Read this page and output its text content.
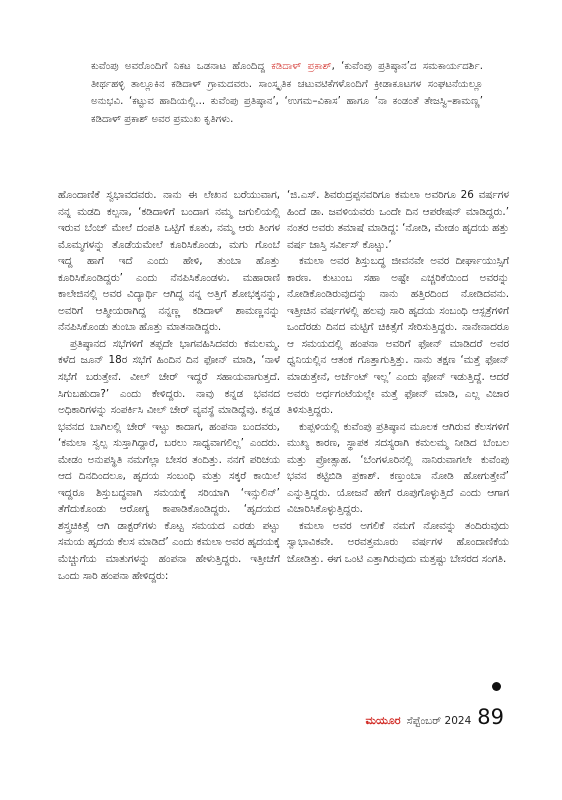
ಕುವೆಂಪು ಅವರೊಂದಿಗೆ ನಿಕಟ ಒಡನಾಟ ಹೊಂದಿದ್ದ ಕಡಿದಾಳ್ ಪ್ರಕಾಶ್, ‘ಕುವೆಂಪು ಪ್ರತಿಷ್ಠಾನ’ದ ಸಮಕಾರ್ಯದರ್ಶಿ. ತೀರ್ಥಹಳ್ಳಿ ತಾಲ್ಲೂಕಿನ ಕಡಿದಾಳ್ ಗ್ರಾಮದವರು. ಸಾಂಸ್ಕೃತಿಕ ಚಟುವಟಿಕೆಗಳೊಂದಿಗೆ ಕ್ರೀಡಾಕೂಟಗಳ ಸಂಘಟನೆಯಲ್ಲೂ ಅನುಭವಿ. ‘ಕಟ್ಟುವ ಹಾದಿಯಲ್ಲಿ... ಕುವೆಂಪು ಪ್ರತಿಷ್ಠಾನ’, ‘ಉಗಮ–ವಿಕಾಸ’ ಹಾಗೂ ‘ನಾ ಕಂಡಂತೆ ತೇಜಸ್ವಿ–ಶಾಮಣ್ಣ’ ಕಡಿದಾಳ್ ಪ್ರಕಾಶ್ ಅವರ ಪ್ರಮುಖ ಕೃತಿಗಳು.

ಹೊಂದಾಣಿಕೆ ಸ್ವಭಾವದವರು. ನಾನು ಈ ಲೇಖನ ಬರೆಯುವಾಗ, ನನ್ನ ಮಡದಿ ಕಲ್ಪನಾ, ‘ಕಡಿದಾಳಿಗೆ ಬಂದಾಗ ನಮ್ಮ ಜಗುಲಿಯಲ್ಲಿ ಇರುವ ಬೆಂಚ್ ಮೇಲೆ ದಂಪತಿ ಒಟ್ಟಿಗೆ ಕೂತು, ನಮ್ಮ ಆರು ತಿಂಗಳ ಮೊಮ್ಮಗಳನ್ನು ತೊಡೆಯಮೇಲೆ ಕೂರಿಸಿಕೊಂಡು, ಮಗು ಗೊಂಬೆ ಇದ್ದ ಹಾಗೆ ಇದೆ ಎಂದು ಹೇಳಿ, ತುಂಬಾ ಹೊತ್ತು ಕೂರಿಸಿಕೊಂಡಿದ್ದರು’ ಎಂದು ನೆನಪಿಸಿಕೊಂಡಳು. ಮಹಾರಾಣಿ ಕಾಲೇಜಿನಲ್ಲಿ ಅವರ ವಿದ್ಯಾರ್ಥಿ ಆಗಿದ್ದ ನನ್ನ ಅತ್ತಿಗೆ ಶೋಭಕ್ಕನನ್ನು, ಅವರಿಗೆ ಆತ್ಮೀಯರಾಗಿದ್ದ ನನ್ನಣ್ಣ ಕಡಿದಾಳ್ ಶಾಮಣ್ಣನನ್ನು ನೆನಪಿಸಿಕೊಂಡು ತುಂಬಾ ಹೊತ್ತು ಮಾತನಾಡಿದ್ದರು.

ಪ್ರತಿಷ್ಠಾನದ ಸಭೆಗಳಿಗೆ ತಪ್ಪದೇ ಭಾಗವಹಿಸಿದವರು ಕಮಲಮ್ಮ. ಕಳೆದ ಜೂನ್ 18ರ ಸಭೆಗೆ ಹಿಂದಿನ ದಿನ ಫೋನ್ ಮಾಡಿ, ‘ನಾಳೆ ಸಭೆಗೆ ಬರುತ್ತೇನೆ. ವೀಲ್ ಚೇರ್ ಇದ್ದರೆ ಸಹಾಯವಾಗುತ್ತದೆ. ಸಿಗುಬಹುದಾ?’ ಎಂದು ಕೇಳಿದ್ದರು. ನಾವು ಕನ್ನಡ ಭವನದ ಅಧಿಕಾರಿಗಳನ್ನು ಸಂಪರ್ಕಿಸಿ ವೀಲ್ ಚೇರ್ ವ್ಯವಸ್ಥೆ ಮಾಡಿದ್ದೆವು. ಕನ್ನಡ ಭವನದ ಬಾಗಿಲಲ್ಲಿ ಚೇರ್ ಇಟ್ಟು ಕಾದಾಗ, ಹಂಪನಾ ಬಂದವರು, ‘ಕಮಲಾ ಸ್ವಲ್ಪ ಸುಸ್ತಾಗಿದ್ದಾರೆ, ಬರಲು ಸಾಧ್ಯವಾಗಲಿಲ್ಲ’ ಎಂದರು. ಮೇಡಂ ಅನುಪಸ್ಥಿತಿ ನಮಗೆಲ್ಲಾ ಬೇಸರ ತಂದಿತ್ತು. ನನಗೆ ಪರಿಚಯ ಆದ ದಿನದಿಂದಲೂ, ಹೃದಯ ಸಂಬಂಧಿ ಮತ್ತು ಸಕ್ಕರೆ ಕಾಯಿಲೆ ಇದ್ದರೂ ಶಿಸ್ತುಬದ್ಧವಾಗಿ ಸಮಯಕ್ಕೆ ಸರಿಯಾಗಿ ‘ಇನ್ಸುಲಿನ್’ ತೆಗೆದುಕೊಂಡು ಆರೋಗ್ಯ ಕಾಪಾಡಿಕೊಂಡಿದ್ದರು. ‘ಹೃದಯದ ಶಸ್ತ್ರಚಿಕಿತ್ಸೆ ಆಗಿ ಡಾಕ್ಟರ್‌ಗಳು ಕೊಟ್ಟ ಸಮಯದ ಎರಡು ಪಟ್ಟು ಸಮಯ ಹೃದಯ ಕೆಲಸ ಮಾಡಿದೆ’ ಎಂದು ಕಮಲಾ ಅವರ ಹೃದಯಕ್ಕೆ ಮೆಚ್ಚುಗೆಯ ಮಾತುಗಳನ್ನು ಹಂಪನಾ ಹೇಳುತ್ತಿದ್ದರು. ಇತ್ತೀಚೆಗೆ ಒಂದು ಸಾರಿ ಹಂಪನಾ ಹೇಳಿದ್ದರು:

‘ಜಿ.ಎಸ್. ಶಿವರುದ್ರಪ್ಪನವರಿಗೂ ಕಮಲಾ ಅವರಿಗೂ 26 ವರ್ಷಗಳ ಹಿಂದೆ ಡಾ. ಜವಳಿಯವರು ಒಂದೇ ದಿನ ಆಪರೇಷನ್ ಮಾಡಿದ್ದರು.’ ನಂತರ ಅವರು ತಮಾಷೆ ಮಾಡಿದ್ದ: ‘ನೋಡಿ, ಮೇಡಂ ಹೃದಯ ಹತ್ತು ವರ್ಷ ಜಾಸ್ತಿ ಸರ್ವೀಸ್ ಕೊಟ್ಟು.’

ಕಮಲಾ ಅವರ ಶಿಸ್ತುಬದ್ಧ ಜೀವನವೇ ಅವರ ದೀರ್ಘಾಯುಸ್ಸಿಗೆ ಕಾರಣ. ಕುಟುಂಬ ಸಹಾ ಅಷ್ಟೇ ಎಚ್ಚರಿಕೆಯಿಂದ ಅವರನ್ನು ನೋಡಿಕೊಂಡಿರುವುದನ್ನು ನಾನು ಹತ್ತಿರದಿಂದ ನೋಡಿದವನು. ಇತ್ತೀಚಿನ ವರ್ಷಗಳಲ್ಲಿ ಹಲವು ಸಾರಿ ಹೃದಯ ಸಂಬಂಧಿ ಆಸ್ಪತ್ರೆಗಳಿಗೆ ಒಂದೆರಡು ದಿನದ ಮಟ್ಟಿಗೆ ಚಿಕಿತ್ಸೆಗೆ ಸೇರಿಸುತ್ತಿದ್ದರು. ನಾನೇನಾದರೂ ಆ ಸಮಯದಲ್ಲಿ ಹಂಪನಾ ಅವರಿಗೆ ಫೋನ್ ಮಾಡಿದರೆ ಅವರ ಧ್ವನಿಯಲ್ಲಿನ ಆತಂಕ ಗೊತ್ತಾಗುತ್ತಿತ್ತು. ನಾನು ತಕ್ಷಣ ‘ಮತ್ತೆ ಫೋನ್ ಮಾಡುತ್ತೇನೆ, ಅರ್ಜೆಂಟ್ ಇಲ್ಲ’ ಎಂದು ಫೋನ್ ಇಡುತ್ತಿದ್ದೆ. ಆದರೆ ಅವರು ಅರ್ಧಗಂಟೆಯಲ್ಲೇ ಮತ್ತೆ ಫೋನ್ ಮಾಡಿ, ಎಲ್ಲ ವಿಚಾರ ತಿಳಿಸುತ್ತಿದ್ದರು.

ಕುಪ್ಪಳಿಯಲ್ಲಿ ಕುವೆಂಪು ಪ್ರತಿಷ್ಠಾನ ಮೂಲಕ ಆಗಿರುವ ಕೆಲಸಗಳಿಗೆ ಮುಖ್ಯ ಕಾರಣ, ಸ್ಥಾಪಕ ಸದಸ್ಯರಾಗಿ ಕಮಲಮ್ಮ ನೀಡಿದ ಬೆಂಬಲ ಮತ್ತು ಪ್ರೋತ್ಸಾಹ. ‘ಬೆಂಗಳೂರಿನಲ್ಲಿ ನಾನಿರುವಾಗಲೇ ಕುವೆಂಪು ಭವನ ಕಟ್ಟಿಬಿಡಿ ಪ್ರಕಾಶ್. ಕಣ್ತುಂಬಾ ನೋಡಿ ಹೋಗುತ್ತೇನೆ’ ಎನ್ನುತ್ತಿದ್ದರು. ಯೋಜನೆ ಹೇಗೆ ರೂಪುಗೊಳ್ಳುತ್ತಿದೆ ಎಂದು ಆಗಾಗ ವಿಚಾರಿಸಿಕೊಳ್ಳುತ್ತಿದ್ದರು.

ಕಮಲಾ ಅವರ ಅಗಲಿಕೆ ನಮಗೆ ನೋವನ್ನು ತಂದಿರುವುದು ಸ್ವಾಭಾವಿಕವೇ. ಅರವತ್ತಮೂರು ವರ್ಷಗಳ ಹೊಂದಾಣಿಕೆಯ ಜೋಡಿತ್ತು. ಈಗ ಒಂಟಿ ಎತ್ತಾಗಿರುವುದು ಮತ್ತಷ್ಟು ಬೇಸರದ ಸಂಗತಿ.

ಮಯೂರ ಸೆಪ್ಟೆಂಬರ್ 2024 89
